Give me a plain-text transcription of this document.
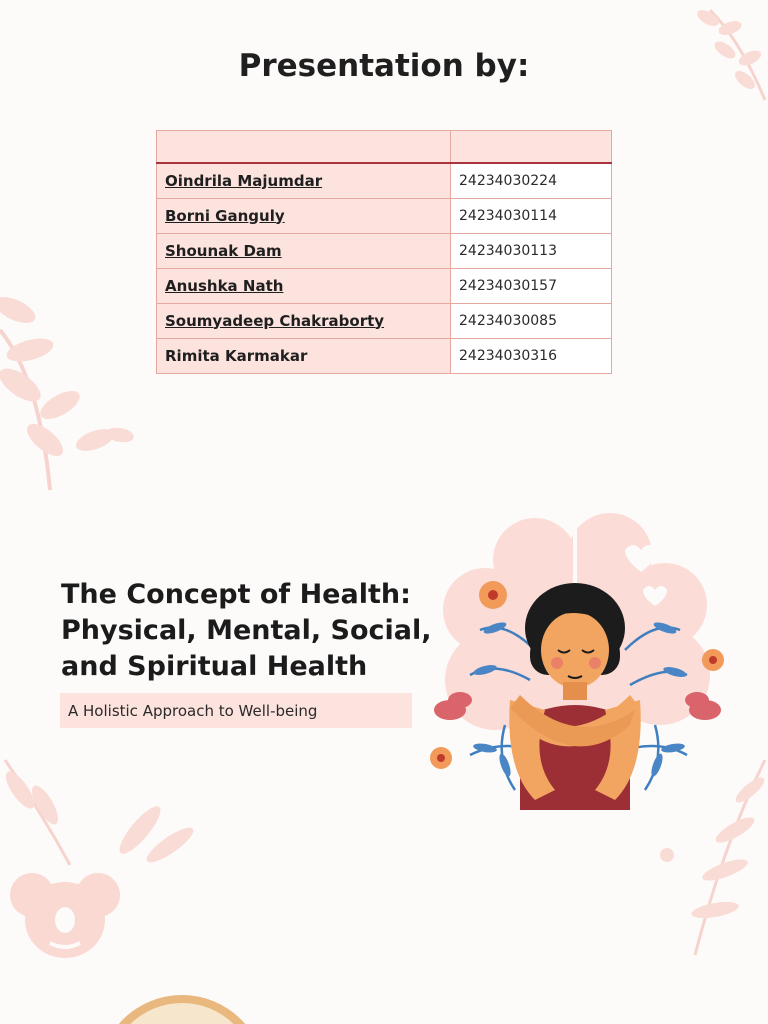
Presentation by:

Oindrila Majumdar	24234030224
Borni Ganguly	24234030114
Shounak Dam	24234030113
Anushka Nath	24234030157
Soumyadeep Chakraborty	24234030085
Rimita Karmakar	24234030316
The Concept of Health:
Physical, Mental, Social,
and Spiritual Health
A Holistic Approach to Well-being
